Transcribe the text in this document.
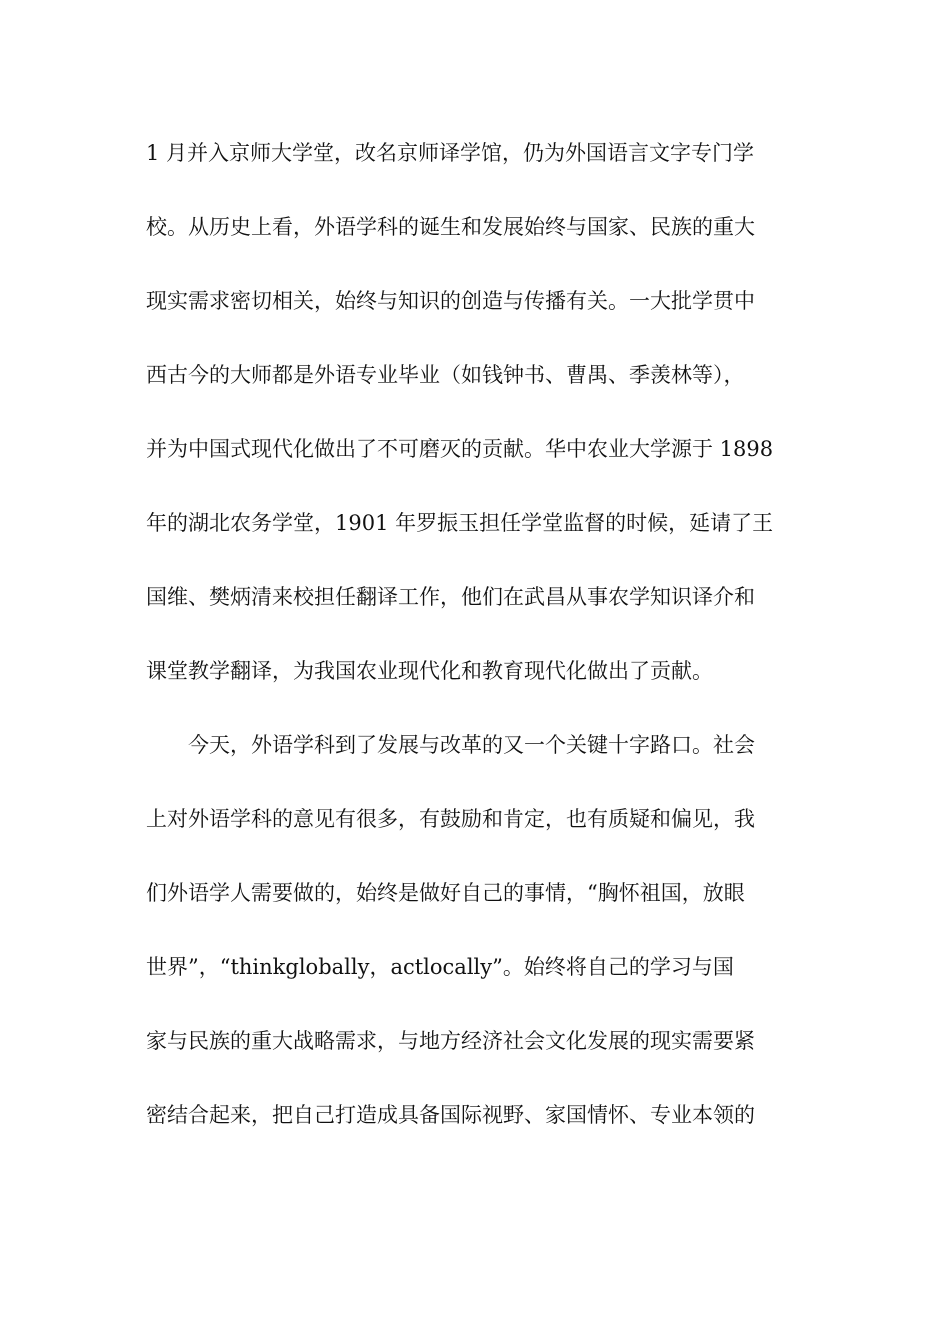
1 月并入京师大学堂，改名京师译学馆，仍为外国语言文字专门学
校。从历史上看，外语学科的诞生和发展始终与国家、民族的重大
现实需求密切相关，始终与知识的创造与传播有关。一大批学贯中
西古今的大师都是外语专业毕业（如钱钟书、曹禺、季羡林等），
并为中国式现代化做出了不可磨灭的贡献。华中农业大学源于 1898
年的湖北农务学堂，1901 年罗振玉担任学堂监督的时候，延请了王
国维、樊炳清来校担任翻译工作，他们在武昌从事农学知识译介和
课堂教学翻译，为我国农业现代化和教育现代化做出了贡献。
今天，外语学科到了发展与改革的又一个关键十字路口。社会
上对外语学科的意见有很多，有鼓励和肯定，也有质疑和偏见，我
们外语学人需要做的，始终是做好自己的事情，“胸怀祖国，放眼
世界”，“thinkglobally，actlocally”。始终将自己的学习与国
家与民族的重大战略需求，与地方经济社会文化发展的现实需要紧
密结合起来，把自己打造成具备国际视野、家国情怀、专业本领的
